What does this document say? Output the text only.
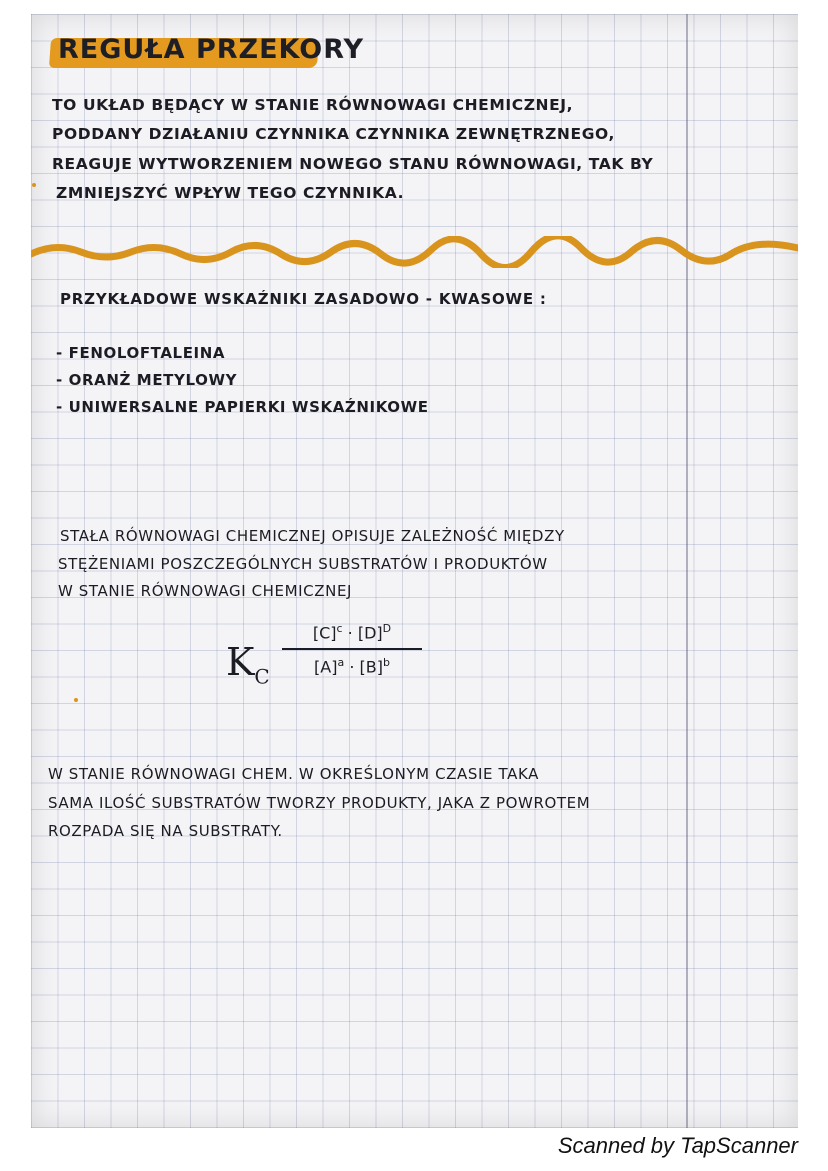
REGUŁA PRZEKORY

TO UKŁAD BĘDĄCY W STANIE RÓWNOWAGI CHEMICZNEJ,

PODDANY DZIAŁANIU CZYNNIKA CZYNNIKA ZEWNĘTRZNEGO,

REAGUJE WYTWORZENIEM NOWEGO STANU RÓWNOWAGI, TAK BY

ZMNIEJSZYĆ WPŁYW TEGO CZYNNIKA.

PRZYKŁADOWE WSKAŹNIKI ZASADOWO - KWASOWE :

- FENOLOFTALEINA

- ORANŻ METYLOWY

- UNIWERSALNE PAPIERKI WSKAŹNIKOWE

STAŁA RÓWNOWAGI CHEMICZNEJ OPISUJE ZALEŻNOŚĆ MIĘDZY

STĘŻENIAMI POSZCZEGÓLNYCH SUBSTRATÓW I PRODUKTÓW

W STANIE RÓWNOWAGI CHEMICZNEJ

$K_C$
$[C]^c \cdot [D]^D$
$[A]^a \cdot [B]^b$

W STANIE RÓWNOWAGI CHEM. W OKREŚLONYM CZASIE TAKA

SAMA ILOŚĆ SUBSTRATÓW TWORZY PRODUKTY, JAKA Z POWROTEM

ROZPADA SIĘ NA SUBSTRATY.

Scanned by TapScanner
